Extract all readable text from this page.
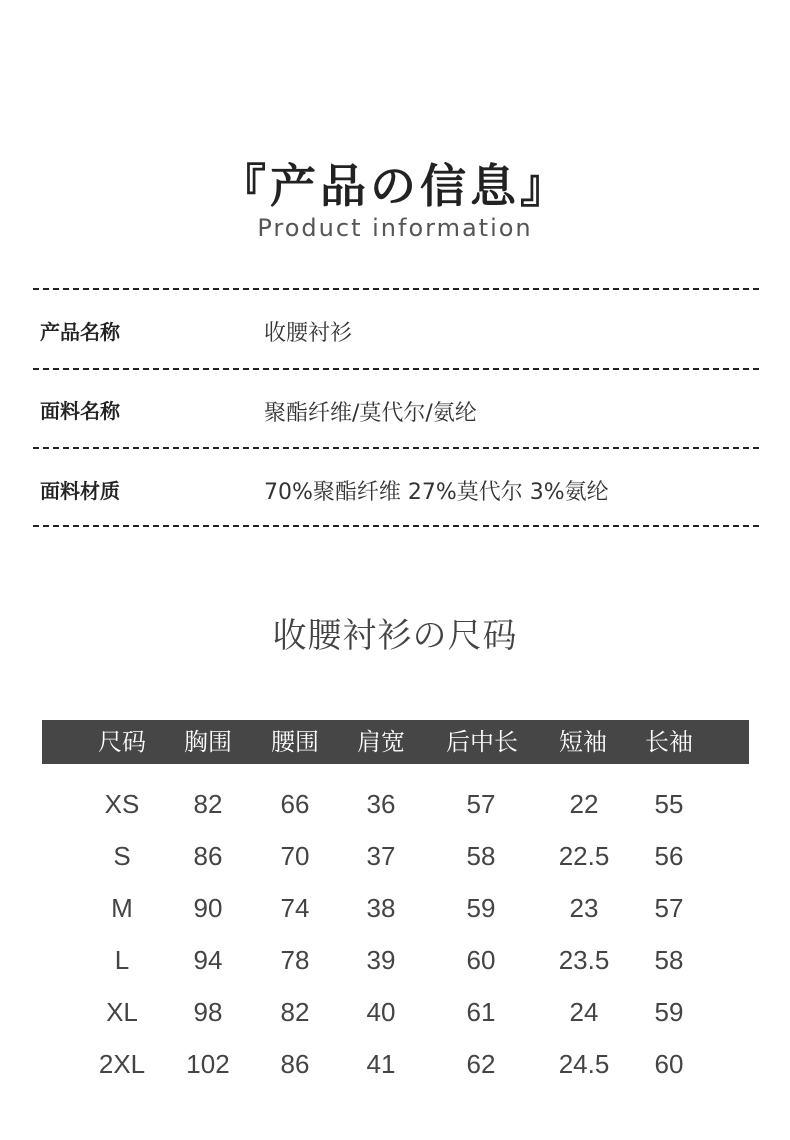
『产品の信息』
Product information
产品名称	收腰衬衫
面料名称	聚酯纤维/莫代尔/氨纶
面料材质	70%聚酯纤维 27%莫代尔 3%氨纶
收腰衬衫の尺码
尺码	胸围	腰围	肩宽	后中长	短袖	长袖
XS	82	66	36	57	22	55
S	86	70	37	58	22.5	56
M	90	74	38	59	23	57
L	94	78	39	60	23.5	58
XL	98	82	40	61	24	59
2XL	102	86	41	62	24.5	60
